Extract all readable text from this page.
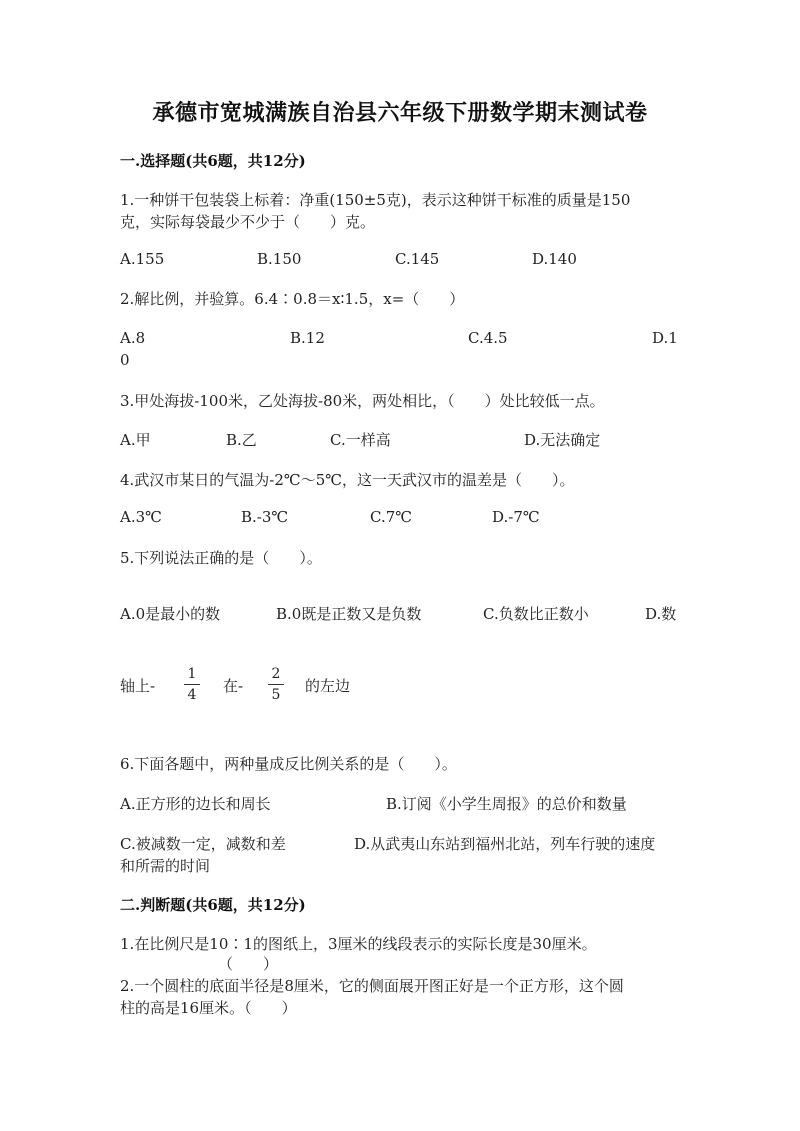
承德市宽城满族自治县六年级下册数学期末测试卷
一.选择题(共6题，共12分)
1.一种饼干包装袋上标着：净重(150±5克)，表示这种饼干标准的质量是150
克，实际每袋最少不少于（　　）克。
A.155	B.150	C.145	D.140
2.解比例，并验算。6.4∶0.8＝x∶1.5，x=（　　）
A.8	B.12	C.4.5	D.1
0
3.甲处海拔-100米，乙处海拔-80米，两处相比，（　　）处比较低一点。
A.甲	B.乙	C.一样高	D.无法确定
4.武汉市某日的气温为-2℃～5℃，这一天武汉市的温差是（　　）。
A.3℃	B.-3℃	C.7℃	D.-7℃
5.下列说法正确的是（　　）。
A.0是最小的数	B.0既是正数又是负数	C.负数比正数小	D.数
轴上-
1
4 在-
2
5 的左边
6.下面各题中，两种量成反比例关系的是（　　）。
A.正方形的边长和周长	B.订阅《小学生周报》的总价和数量
C.被减数一定，减数和差	D.从武夷山东站到福州北站，列车行驶的速度
和所需的时间
二.判断题(共6题，共12分)
1.在比例尺是10∶1的图纸上，3厘米的线段表示的实际长度是30厘米。
（　　）
2.一个圆柱的底面半径是8厘米，它的侧面展开图正好是一个正方形，这个圆
柱的高是16厘米。（　　）
